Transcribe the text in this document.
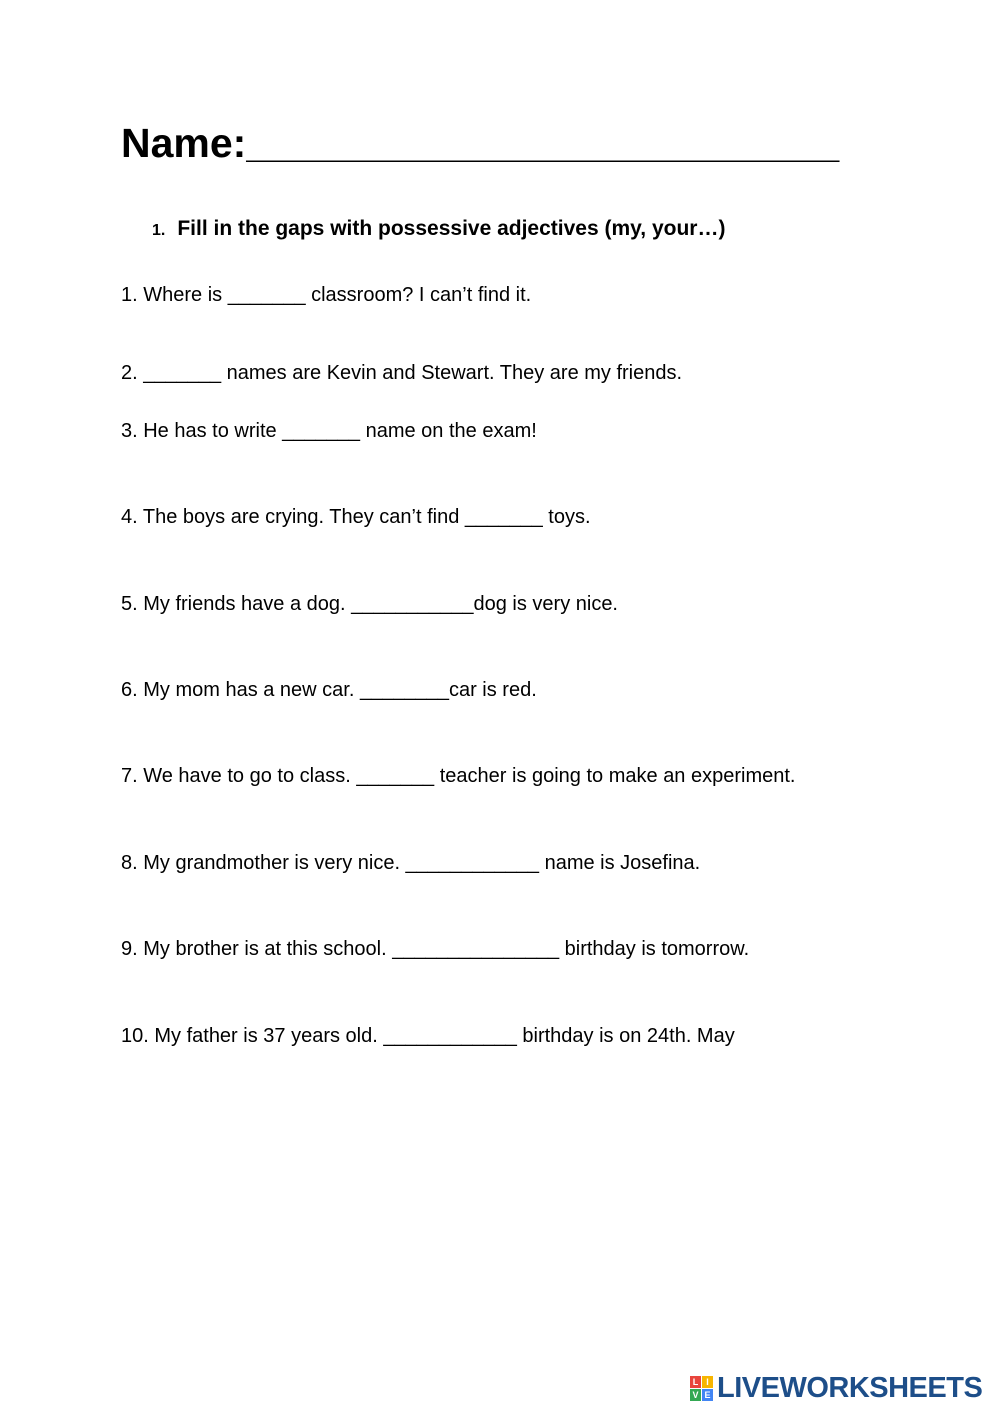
Name:__________________________
1. Fill in the gaps with possessive adjectives (my, your…)
1. Where is _______ classroom? I can’t find it.
2. _______ names are Kevin and Stewart. They are my friends.
3. He has to write _______ name on the exam!
4. The boys are crying. They can’t find _______ toys.
5. My friends have a dog. ___________dog is very nice.
6. My mom has a new car. ________car is red.
7. We have to go to class. _______ teacher is going to make an experiment.
8. My grandmother is very nice. ____________ name is Josefina.
9. My brother is at this school. _______________ birthday is tomorrow.
10. My father is 37 years old. ____________ birthday is on 24th. May
L I
V E LIVEWORKSHEETS
